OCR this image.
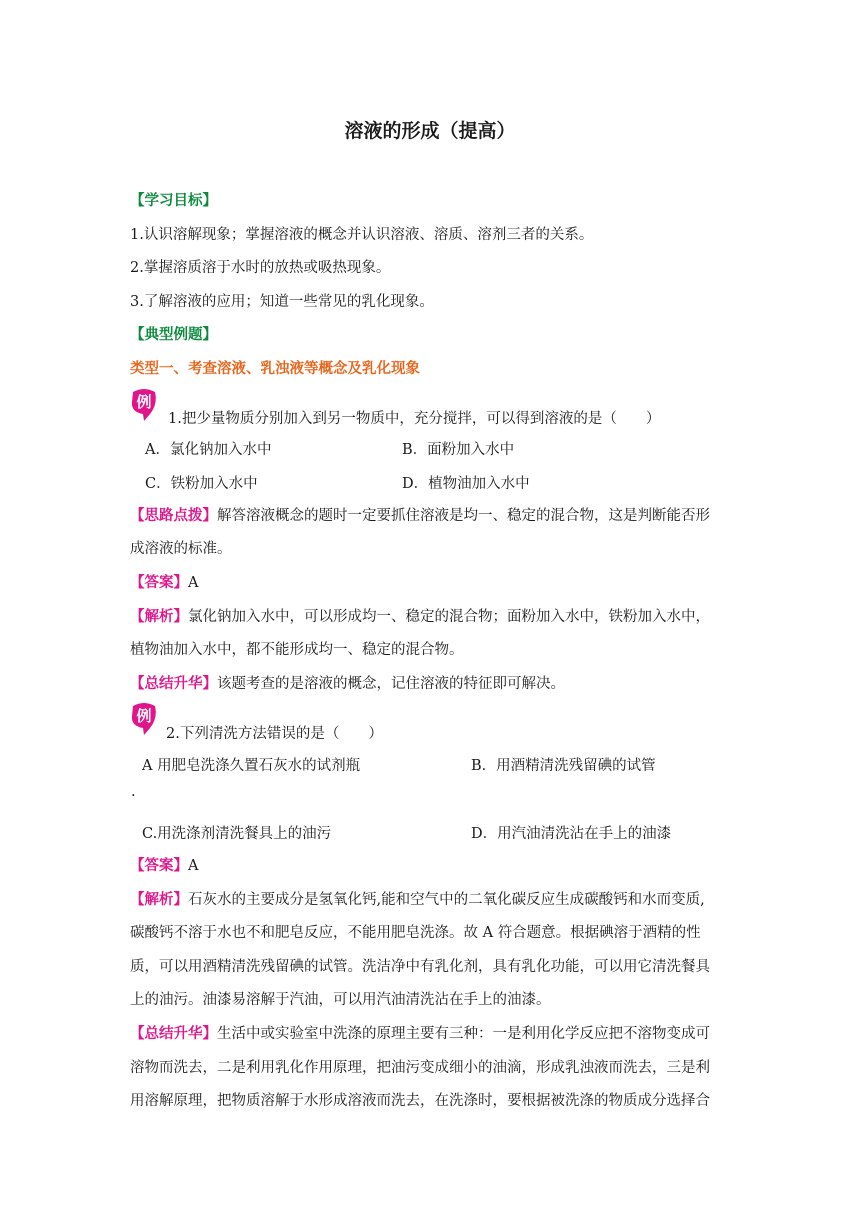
溶液的形成（提高）
【学习目标】
1.认识溶解现象；掌握溶液的概念并认识溶液、溶质、溶剂三者的关系。
2.掌握溶质溶于水时的放热或吸热现象。
3.了解溶液的应用；知道一些常见的乳化现象。
【典型例题】
类型一、考查溶液、乳浊液等概念及乳化现象
例
1.把少量物质分别加入到另一物质中，充分搅拌，可以得到溶液的是（　　）
A．氯化钠加入水中	B．面粉加入水中
C．铁粉加入水中	D．植物油加入水中
【思路点拨】解答溶液概念的题时一定要抓住溶液是均一、稳定的混合物，这是判断能否形
成溶液的标准。
【答案】A
【解析】氯化钠加入水中，可以形成均一、稳定的混合物；面粉加入水中，铁粉加入水中，
植物油加入水中，都不能形成均一、稳定的混合物。
【总结升华】该题考查的是溶液的概念，记住溶液的特征即可解决。
例
2.下列清洗方法错误的是（　　）
A 用肥皂洗涤久置石灰水的试剂瓶	B．用酒精清洗残留碘的试管
.
C.用洗涤剂清洗餐具上的油污	D．用汽油清洗沾在手上的油漆
【答案】A
【解析】石灰水的主要成分是氢氧化钙,能和空气中的二氧化碳反应生成碳酸钙和水而变质,
碳酸钙不溶于水也不和肥皂反应，不能用肥皂洗涤。故 A 符合题意。根据碘溶于酒精的性
质，可以用酒精清洗残留碘的试管。洗洁净中有乳化剂，具有乳化功能，可以用它清洗餐具
上的油污。油漆易溶解于汽油，可以用汽油清洗沾在手上的油漆。
【总结升华】生活中或实验室中洗涤的原理主要有三种：一是利用化学反应把不溶物变成可
溶物而洗去，二是利用乳化作用原理，把油污变成细小的油滴，形成乳浊液而洗去，三是利
用溶解原理，把物质溶解于水形成溶液而洗去，在洗涤时，要根据被洗涤的物质成分选择合
